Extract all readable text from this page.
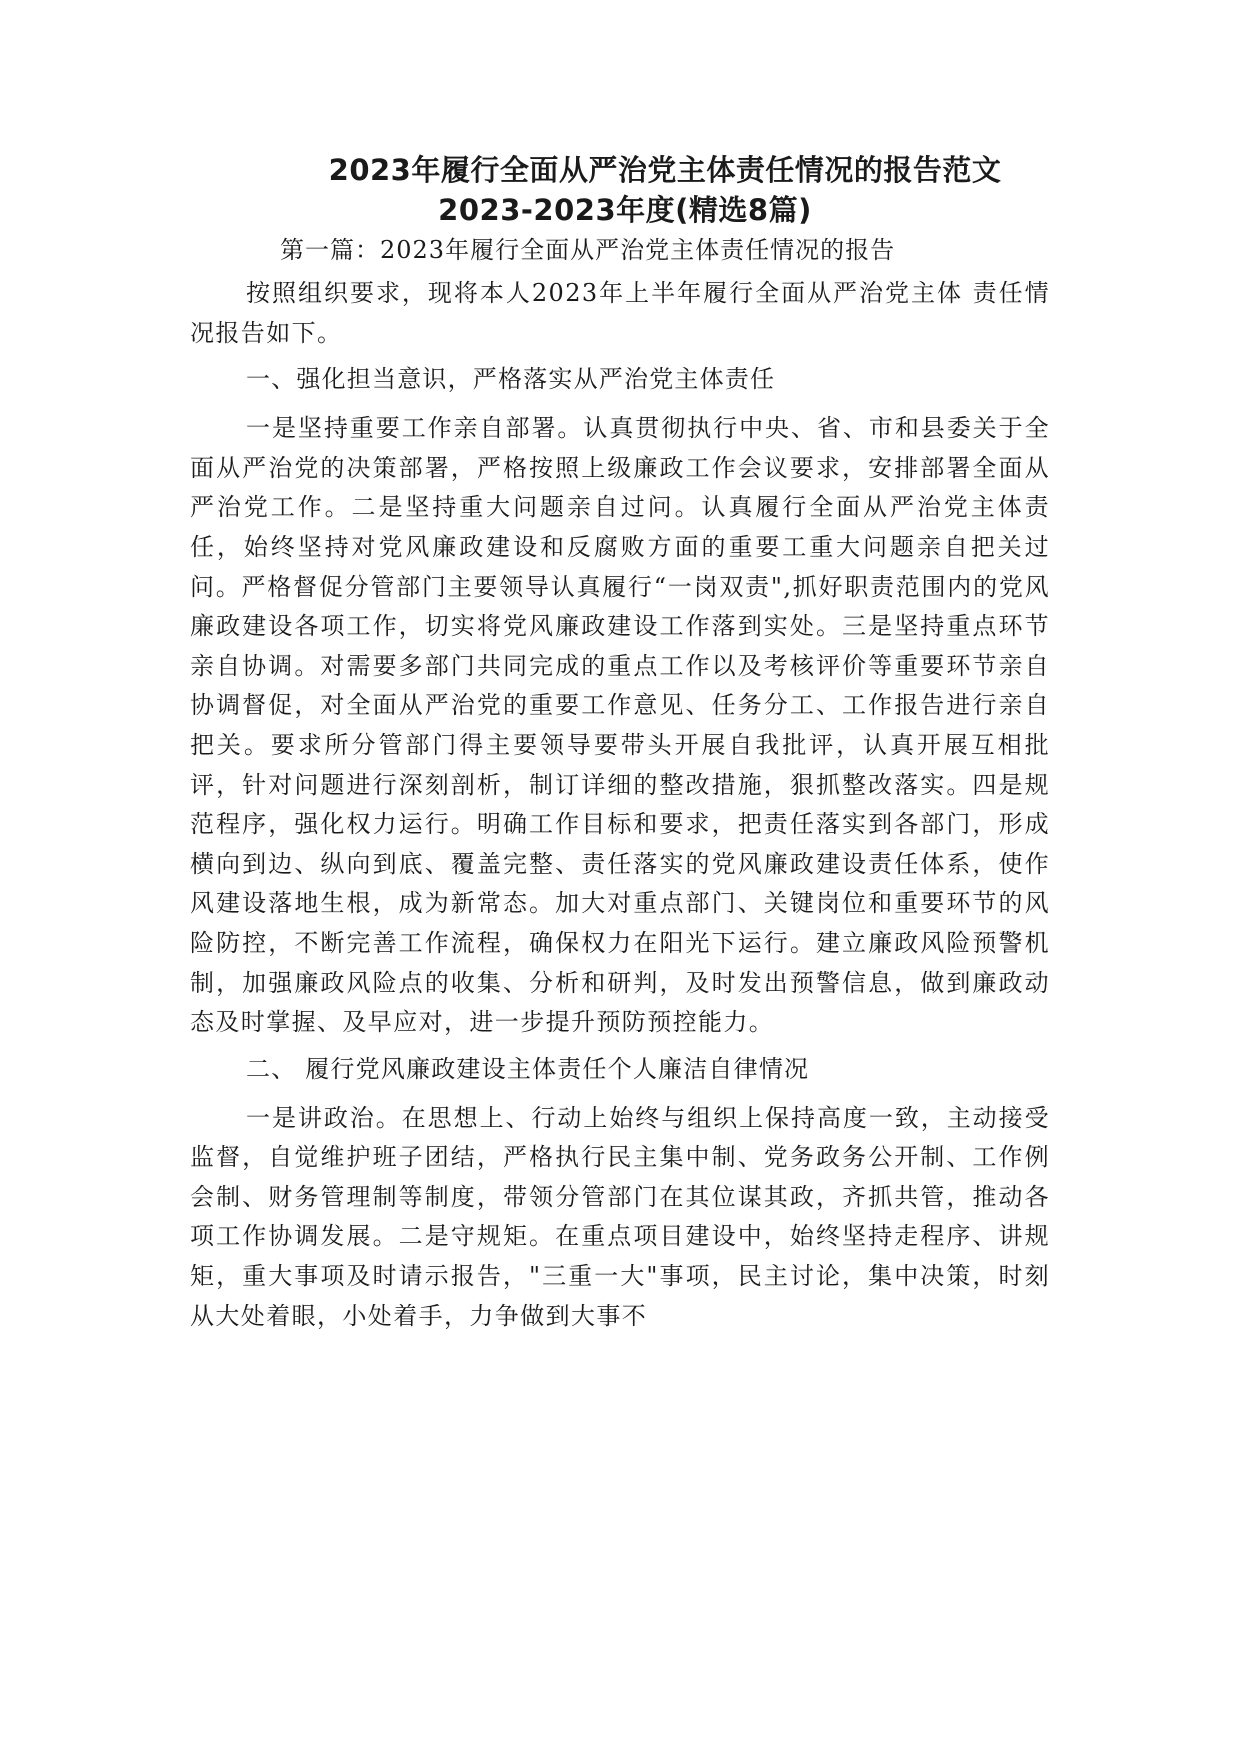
2023年履行全面从严治党主体责任情况的报告范文
2023-2023年度(精选8篇)

第一篇：2023年履行全面从严治党主体责任情况的报告

按照组织要求，现将本人2023年上半年履行全面从严治党主体 责任情况报告如下。

一、强化担当意识，严格落实从严治党主体责任

一是坚持重要工作亲自部署。认真贯彻执行中央、省、市和县委关于全面从严治党的决策部署，严格按照上级廉政工作会议要求，安排部署全面从严治党工作。二是坚持重大问题亲自过问。认真履行全面从严治党主体责任，始终坚持对党风廉政建设和反腐败方面的重要工重大问题亲自把关过问。严格督促分管部门主要领导认真履行“一岗双责",抓好职责范围内的党风廉政建设各项工作，切实将党风廉政建设工作落到实处。三是坚持重点环节亲自协调。对需要多部门共同完成的重点工作以及考核评价等重要环节亲自协调督促，对全面从严治党的重要工作意见、任务分工、工作报告进行亲自把关。要求所分管部门得主要领导要带头开展自我批评，认真开展互相批评，针对问题进行深刻剖析，制订详细的整改措施，狠抓整改落实。四是规范程序，强化权力运行。明确工作目标和要求，把责任落实到各部门，形成横向到边、纵向到底、覆盖完整、责任落实的党风廉政建设责任体系，使作风建设落地生根，成为新常态。加大对重点部门、关键岗位和重要环节的风险防控，不断完善工作流程，确保权力在阳光下运行。建立廉政风险预警机制，加强廉政风险点的收集、分析和研判，及时发出预警信息，做到廉政动态及时掌握、及早应对，进一步提升预防预控能力。

二、 履行党风廉政建设主体责任个人廉洁自律情况

一是讲政治。在思想上、行动上始终与组织上保持高度一致，主动接受监督，自觉维护班子团结，严格执行民主集中制、党务政务公开制、工作例会制、财务管理制等制度，带领分管部门在其位谋其政，齐抓共管，推动各项工作协调发展。二是守规矩。在重点项目建设中，始终坚持走程序、讲规矩，重大事项及时请示报告，"三重一大"事项，民主讨论，集中决策，时刻从大处着眼，小处着手，力争做到大事不
